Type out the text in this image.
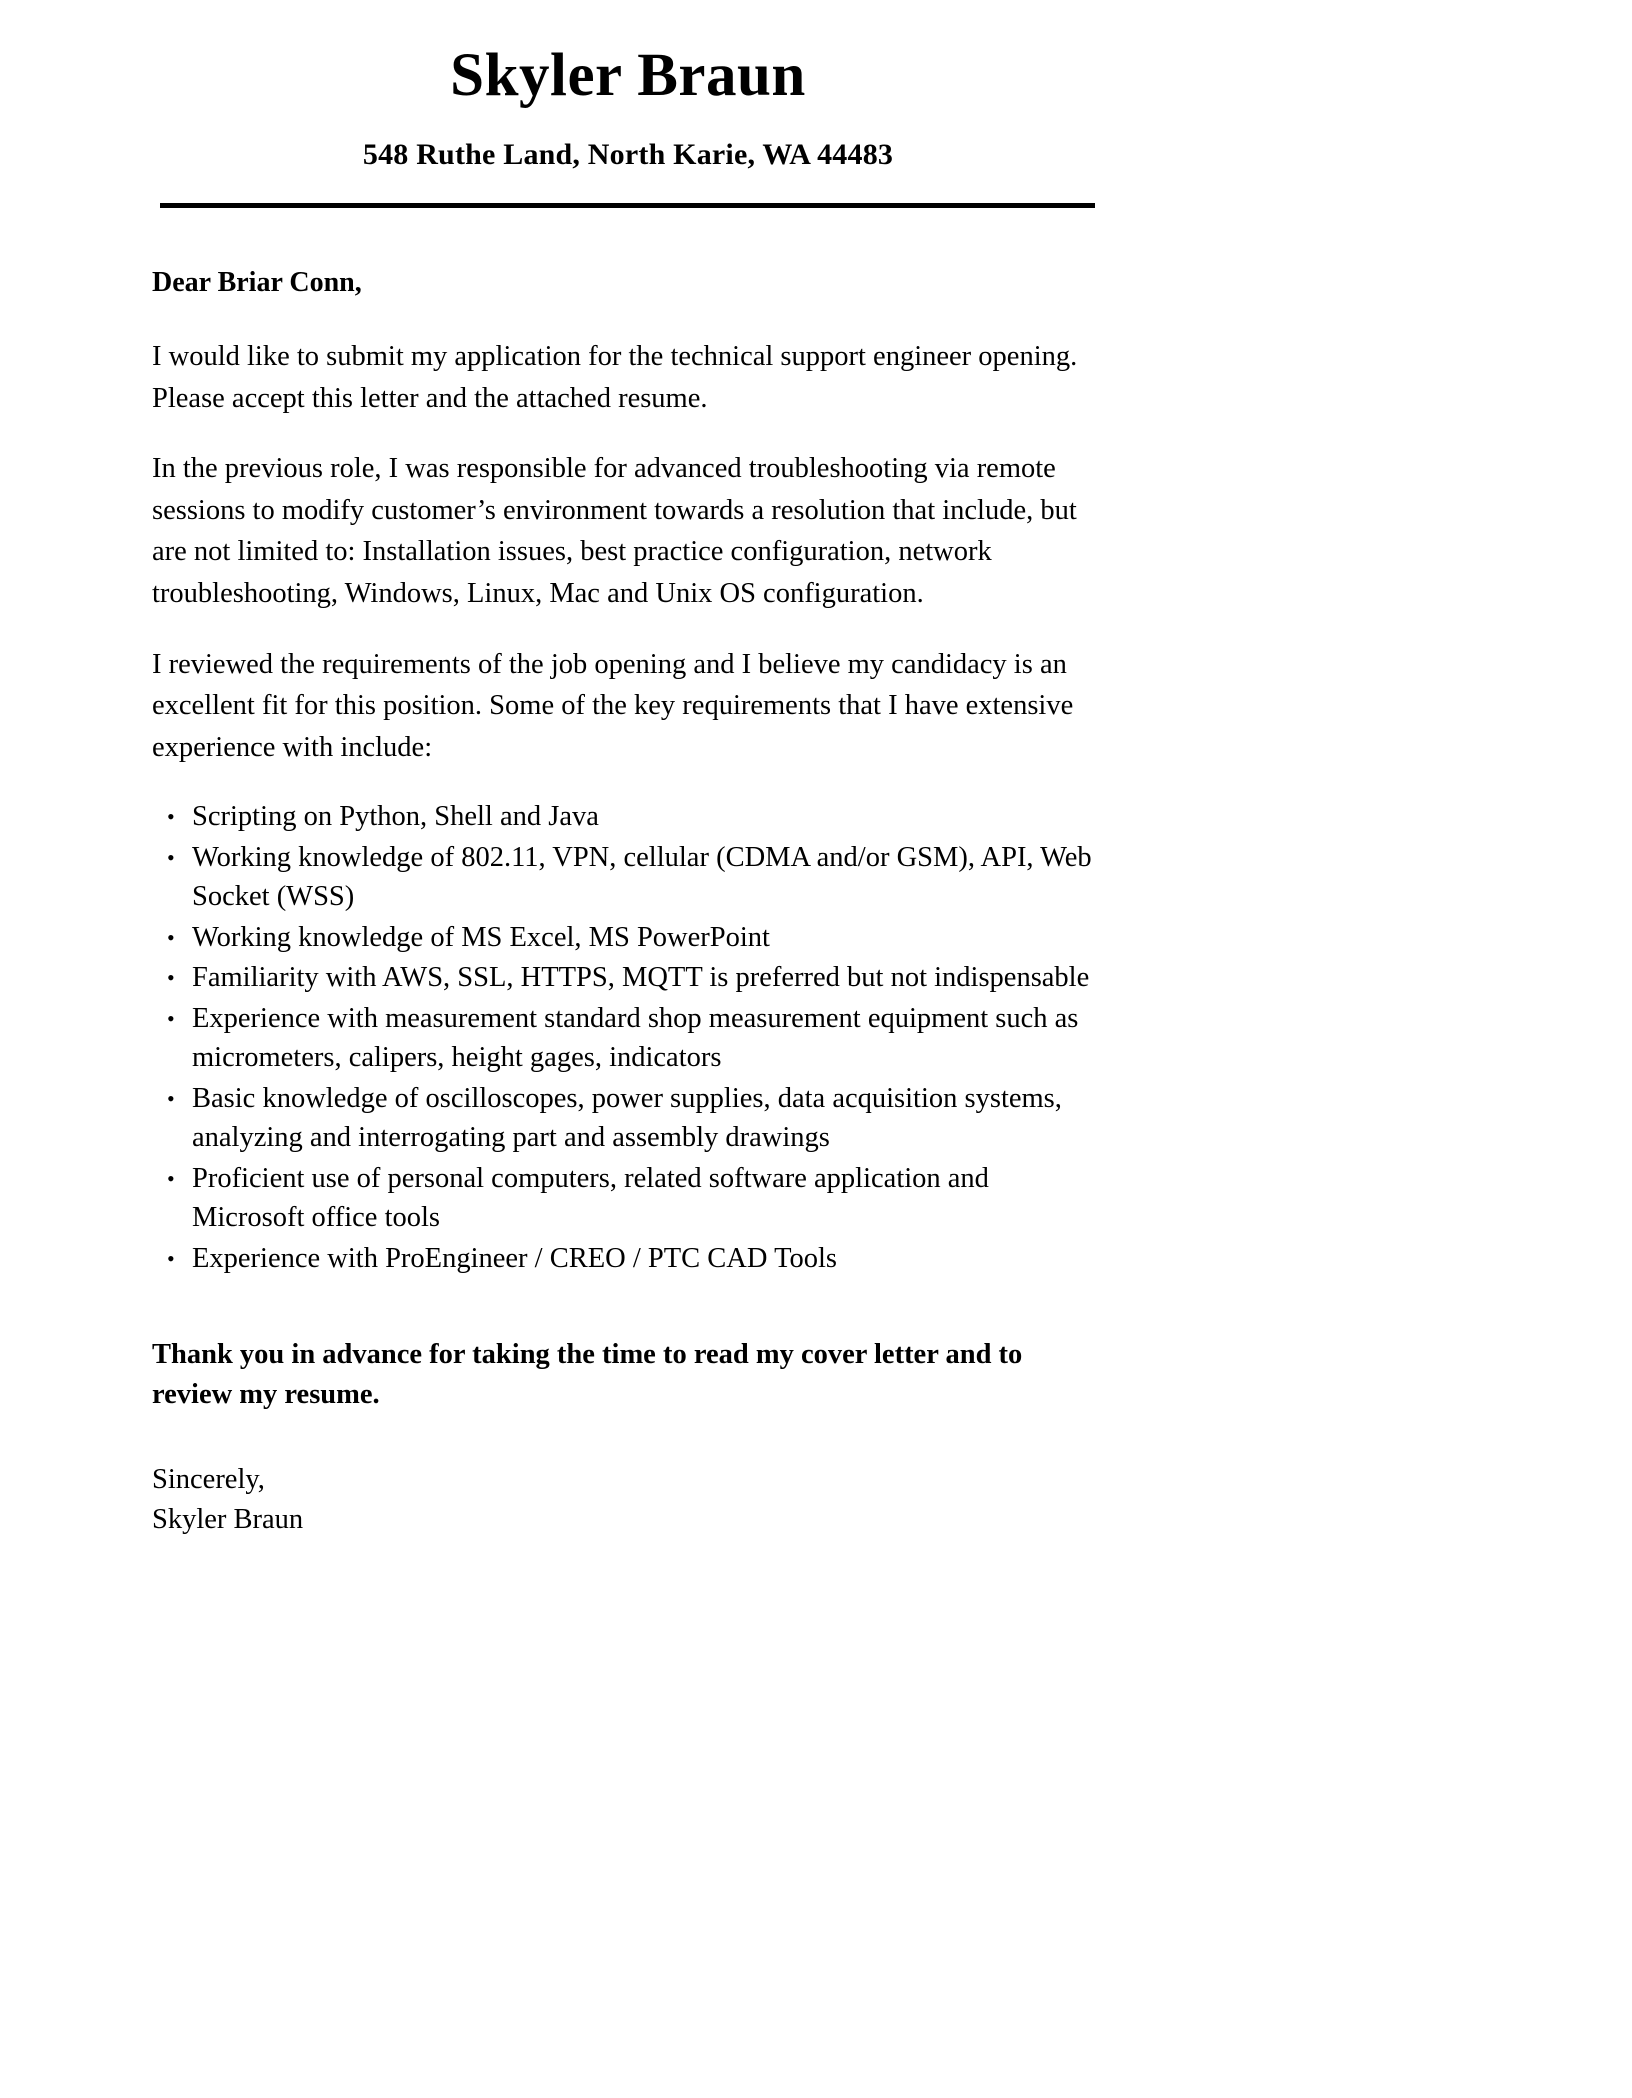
Skyler Braun
548 Ruthe Land, North Karie, WA 44483

Dear Briar Conn,

I would like to submit my application for the technical support engineer opening. Please accept this letter and the attached resume.

In the previous role, I was responsible for advanced troubleshooting via remote sessions to modify customer’s environment towards a resolution that include, but are not limited to: Installation issues, best practice configuration, network troubleshooting, Windows, Linux, Mac and Unix OS configuration.

I reviewed the requirements of the job opening and I believe my candidacy is an excellent fit for this position. Some of the key requirements that I have extensive experience with include:

• Scripting on Python, Shell and Java
• Working knowledge of 802.11, VPN, cellular (CDMA and/or GSM), API, Web Socket (WSS)
• Working knowledge of MS Excel, MS PowerPoint
• Familiarity with AWS, SSL, HTTPS, MQTT is preferred but not indispensable
• Experience with measurement standard shop measurement equipment such as micrometers, calipers, height gages, indicators
• Basic knowledge of oscilloscopes, power supplies, data acquisition systems, analyzing and interrogating part and assembly drawings
• Proficient use of personal computers, related software application and Microsoft office tools
• Experience with ProEngineer / CREO / PTC CAD Tools

Thank you in advance for taking the time to read my cover letter and to review my resume.

Sincerely,

Skyler Braun
